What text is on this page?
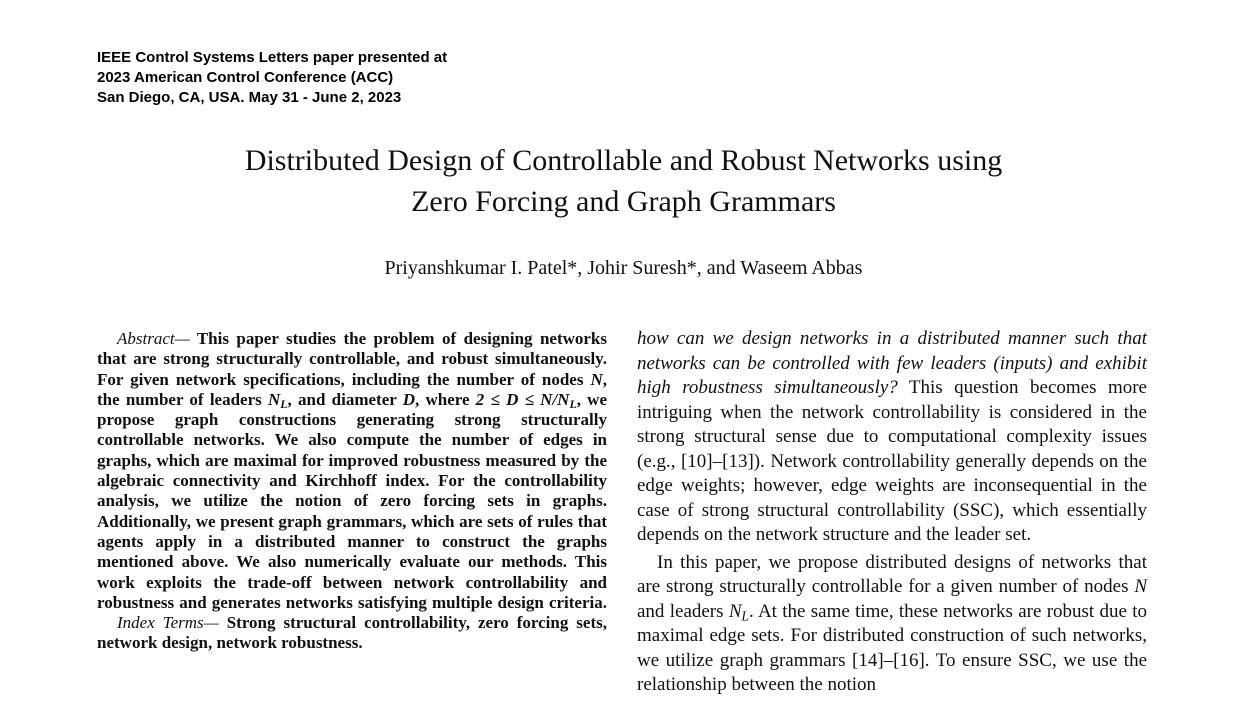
IEEE Control Systems Letters paper presented at
2023 American Control Conference (ACC)
San Diego, CA, USA. May 31 - June 2, 2023
Distributed Design of Controllable and Robust Networks using
Zero Forcing and Graph Grammars
Priyanshkumar I. Patel*, Johir Suresh*, and Waseem Abbas

Abstract— This paper studies the problem of designing networks that are strong structurally controllable, and robust simultaneously. For given network specifications, including the number of nodes N, the number of leaders $N_L$, and diameter D, where $2 \le D \le N/N_L$, we propose graph constructions generating strong structurally controllable networks. We also compute the number of edges in graphs, which are maximal for improved robustness measured by the algebraic connectivity and Kirchhoff index. For the controllability analysis, we utilize the notion of zero forcing sets in graphs. Additionally, we present graph grammars, which are sets of rules that agents apply in a distributed manner to construct the graphs mentioned above. We also numerically evaluate our methods. This work exploits the trade-off between network controllability and robustness and generates networks satisfying multiple design criteria.

Index Terms— Strong structural controllability, zero forcing sets, network design, network robustness.

how can we design networks in a distributed manner such that networks can be controlled with few leaders (inputs) and exhibit high robustness simultaneously? This question becomes more intriguing when the network controllability is considered in the strong structural sense due to computational complexity issues (e.g., [10]–[13]). Network controllability generally depends on the edge weights; however, edge weights are inconsequential in the case of strong structural controllability (SSC), which essentially depends on the network structure and the leader set.

In this paper, we propose distributed designs of networks that are strong structurally controllable for a given number of nodes N and leaders $N_L$. At the same time, these networks are robust due to maximal edge sets. For distributed construction of such networks, we utilize graph grammars [14]–[16]. To ensure SSC, we use the relationship between the notion
